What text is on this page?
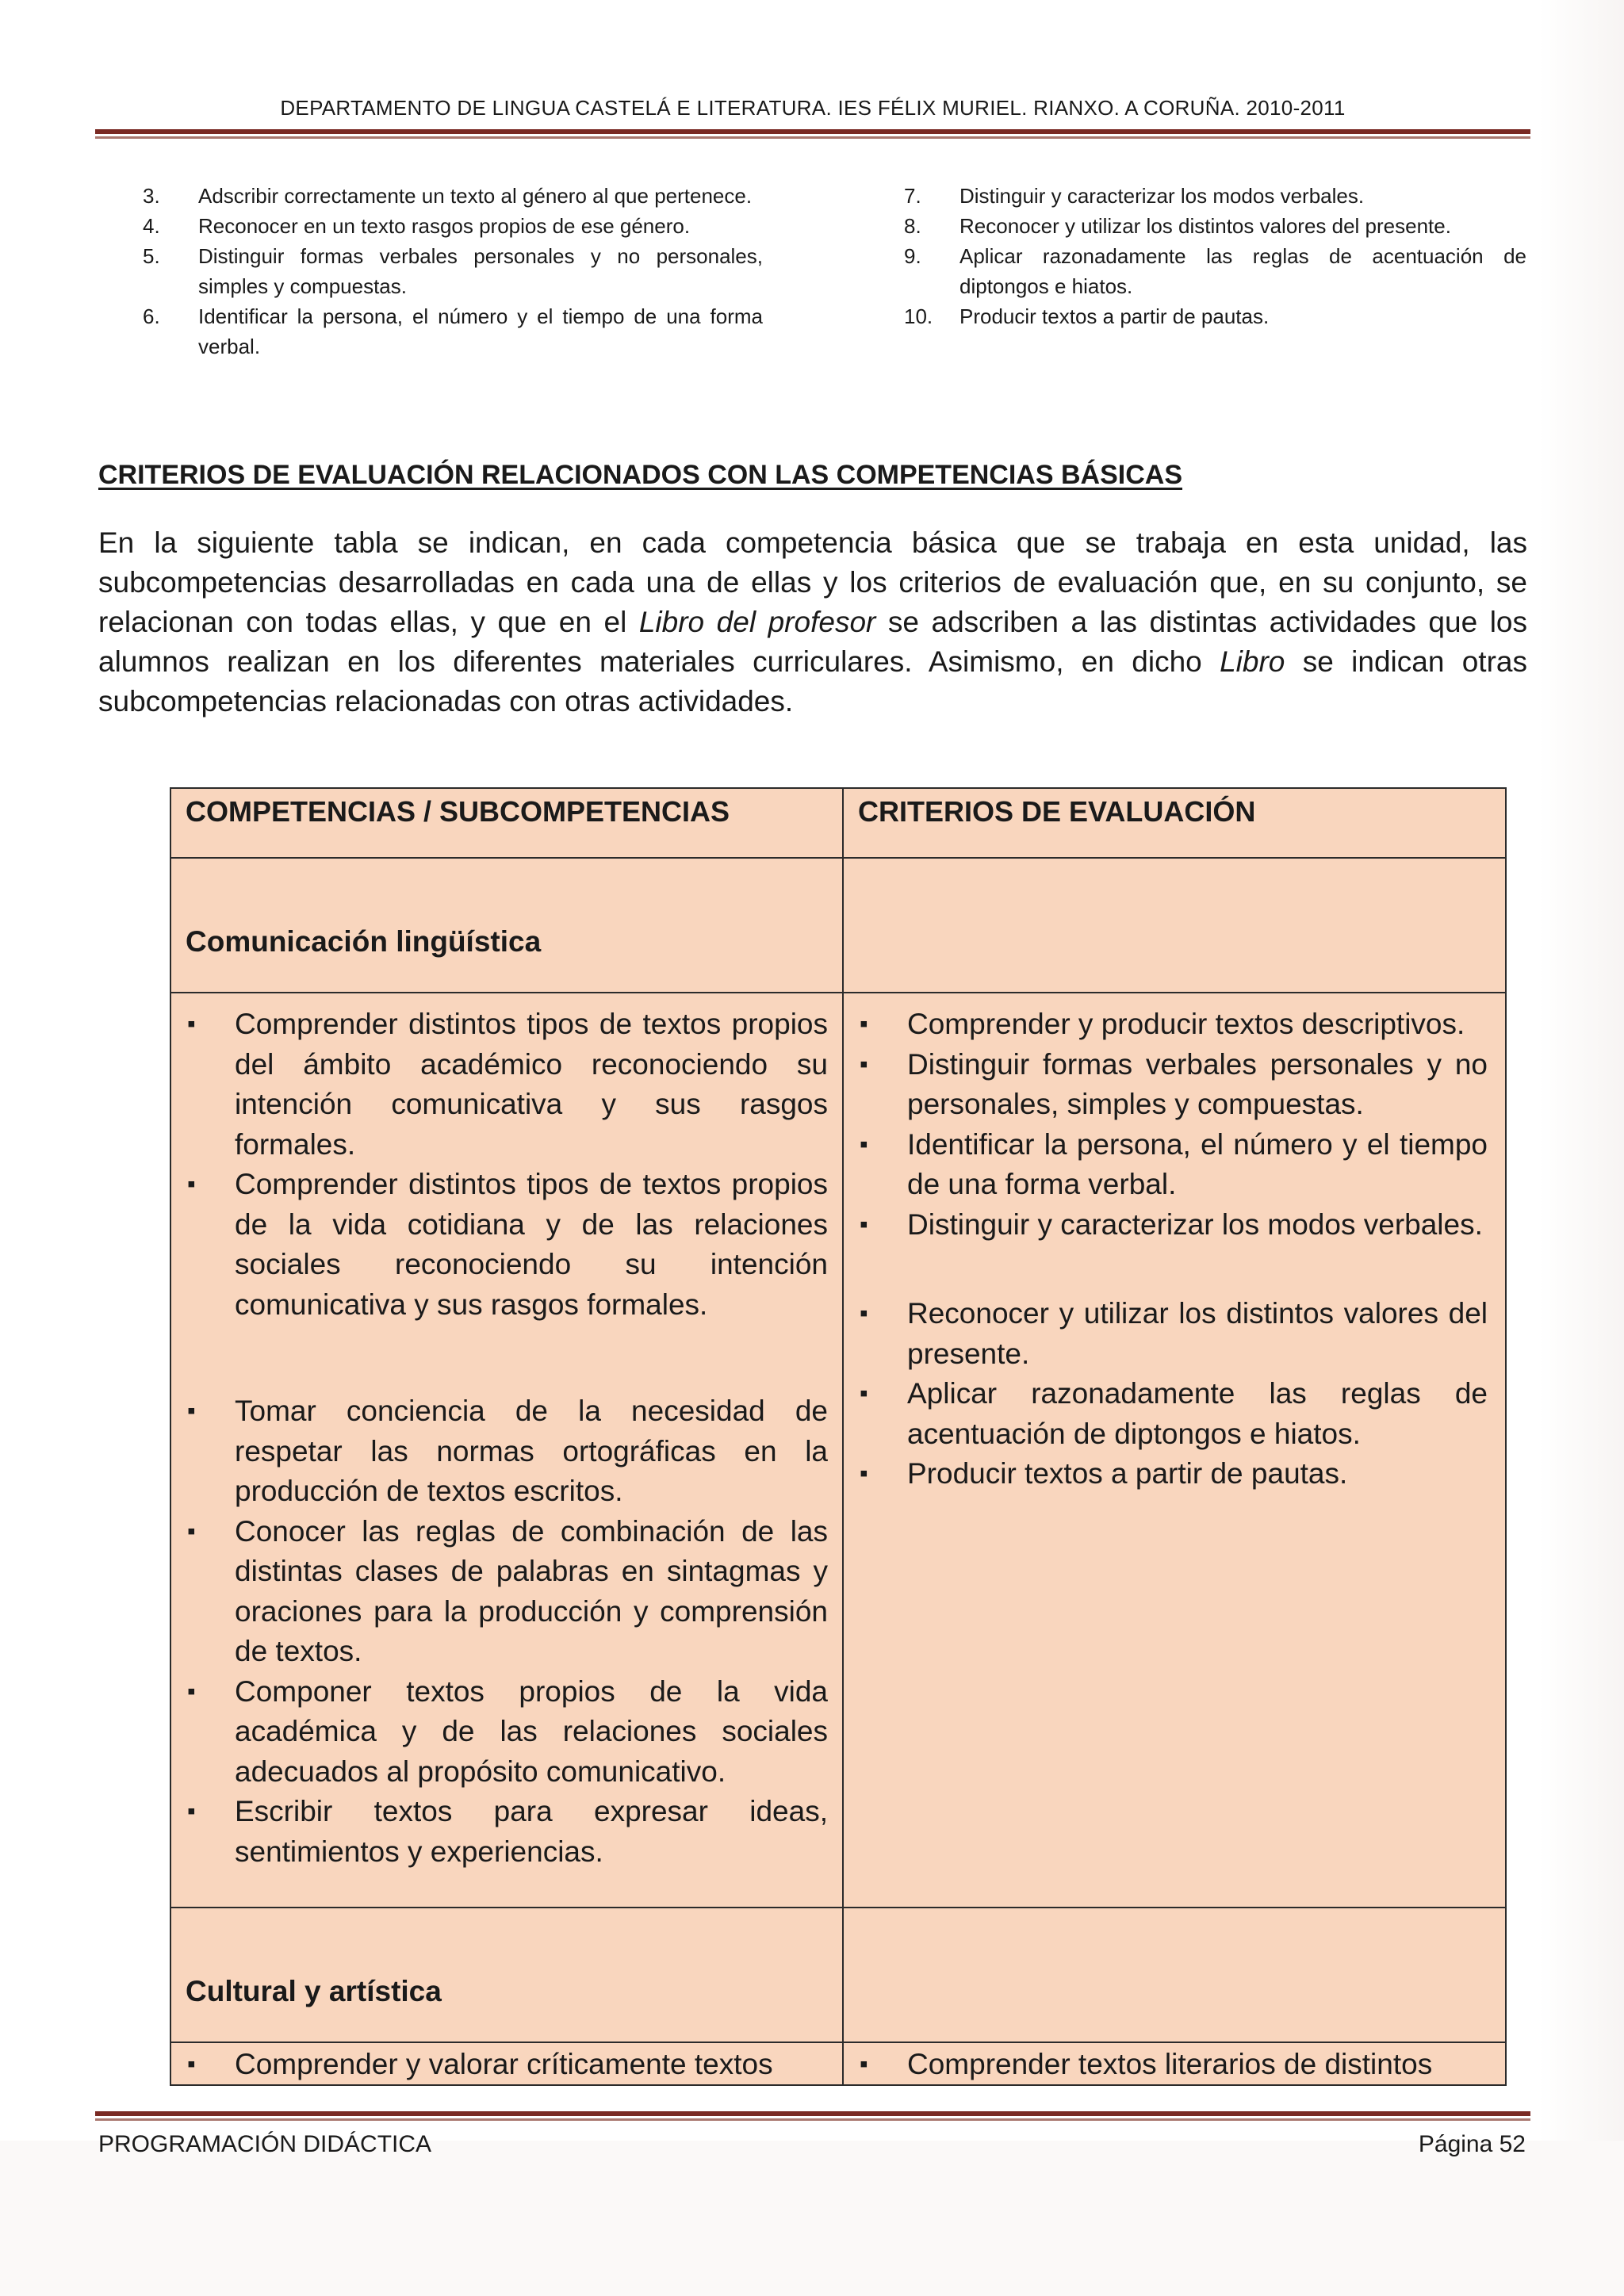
DEPARTAMENTO DE LINGUA CASTELÁ E LITERATURA. IES FÉLIX MURIEL. RIANXO. A CORUÑA. 2010-2011
3.	Adscribir correctamente un texto al género al que pertenece.
4.	Reconocer en un texto rasgos propios de ese género.
5.	Distinguir formas verbales personales y no personales, simples y compuestas.
6.	Identificar la persona, el número y el tiempo de una forma verbal.
7.	Distinguir y caracterizar los modos verbales.
8.	Reconocer y utilizar los distintos valores del presente.
9.	Aplicar razonadamente las reglas de acentuación de diptongos e hiatos.
10.	Producir textos a partir de pautas.
CRITERIOS DE EVALUACIÓN RELACIONADOS CON LAS COMPETENCIAS BÁSICAS

En la siguiente tabla se indican, en cada competencia básica que se trabaja en esta unidad, las subcompetencias desarrolladas en cada una de ellas y los criterios de evaluación que, en su conjunto, se relacionan con todas ellas, y que en el Libro del profesor se adscriben a las distintas actividades que los alumnos realizan en los diferentes materiales curriculares. Asimismo, en dicho Libro se indican otras subcompetencias relacionadas con otras actividades.

COMPETENCIAS / SUBCOMPETENCIAS	CRITERIOS DE EVALUACIÓN
Comunicación lingüística
▪ Comprender distintos tipos de textos propios del ámbito académico reconociendo su intención comunicativa y sus rasgos formales.
▪ Comprender distintos tipos de textos propios de la vida cotidiana y de las relaciones sociales reconociendo su intención comunicativa y sus rasgos formales.
▪ Tomar conciencia de la necesidad de respetar las normas ortográficas en la producción de textos escritos.
▪ Conocer las reglas de combinación de las distintas clases de palabras en sintagmas y oraciones para la producción y comprensión de textos.
▪ Componer textos propios de la vida académica y de las relaciones sociales adecuados al propósito comunicativo.
▪ Escribir textos para expresar ideas, sentimientos y experiencias.
▪ Comprender y producir textos descriptivos.
▪ Distinguir formas verbales personales y no personales, simples y compuestas.
▪ Identificar la persona, el número y el tiempo de una forma verbal.
▪ Distinguir y caracterizar los modos verbales.
▪ Reconocer y utilizar los distintos valores del presente.
▪ Aplicar razonadamente las reglas de acentuación de diptongos e hiatos.
▪ Producir textos a partir de pautas.
Cultural y artística
▪ Comprender y valorar críticamente textos
▪	Comprender textos literarios de distintos
PROGRAMACIÓN DIDÁCTICA	Página 52
